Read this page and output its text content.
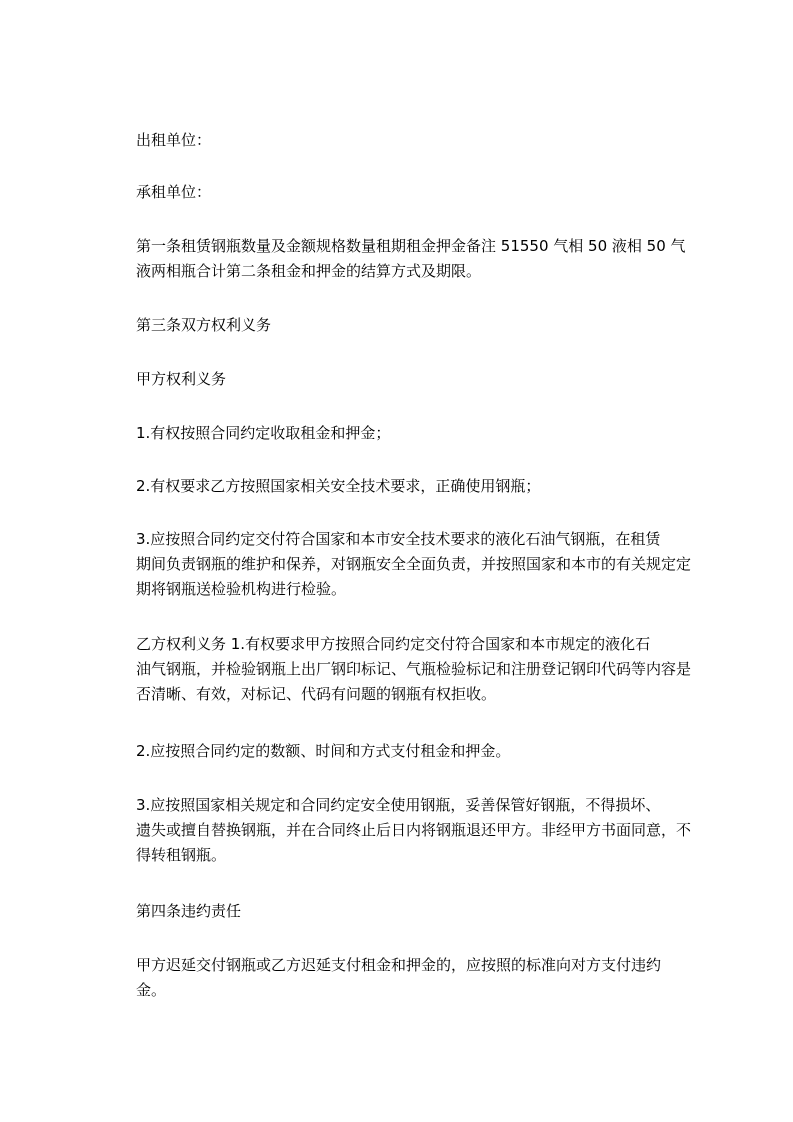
出租单位：

承租单位：

第一条租赁钢瓶数量及金额规格数量租期租金押金备注 51550 气相 50 液相 50 气
液两相瓶合计第二条租金和押金的结算方式及期限。

第三条双方权利义务

甲方权利义务

1.有权按照合同约定收取租金和押金；

2.有权要求乙方按照国家相关安全技术要求，正确使用钢瓶；

3.应按照合同约定交付符合国家和本市安全技术要求的液化石油气钢瓶，在租赁
期间负责钢瓶的维护和保养，对钢瓶安全全面负责，并按照国家和本市的有关规定定
期将钢瓶送检验机构进行检验。

乙方权利义务 1.有权要求甲方按照合同约定交付符合国家和本市规定的液化石
油气钢瓶，并检验钢瓶上出厂钢印标记、气瓶检验标记和注册登记钢印代码等内容是
否清晰、有效，对标记、代码有问题的钢瓶有权拒收。

2.应按照合同约定的数额、时间和方式支付租金和押金。

3.应按照国家相关规定和合同约定安全使用钢瓶，妥善保管好钢瓶，不得损坏、
遗失或擅自替换钢瓶，并在合同终止后日内将钢瓶退还甲方。非经甲方书面同意，不
得转租钢瓶。

第四条违约责任

甲方迟延交付钢瓶或乙方迟延支付租金和押金的，应按照的标准向对方支付违约
金。
